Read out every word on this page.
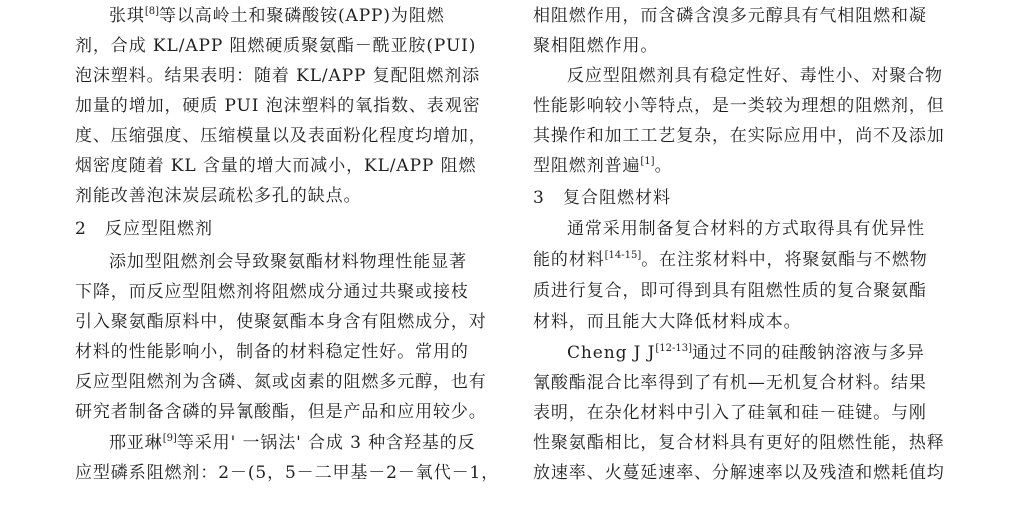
张琪[8]等以高岭土和聚磷酸铵(APP)为阻燃
剂，合成 KL/APP 阻燃硬质聚氨酯－酰亚胺(PUI)
泡沫塑料。结果表明：随着 KL/APP 复配阻燃剂添
加量的增加，硬质 PUI 泡沫塑料的氧指数、表观密
度、压缩强度、压缩模量以及表面粉化程度均增加，
烟密度随着 KL 含量的增大而减小，KL/APP 阻燃
剂能改善泡沫炭层疏松多孔的缺点。
2 反应型阻燃剂
添加型阻燃剂会导致聚氨酯材料物理性能显著
下降，而反应型阻燃剂将阻燃成分通过共聚或接枝
引入聚氨酯原料中，使聚氨酯本身含有阻燃成分，对
材料的性能影响小，制备的材料稳定性好。常用的
反应型阻燃剂为含磷、氮或卤素的阻燃多元醇，也有
研究者制备含磷的异氰酸酯，但是产品和应用较少。
邢亚琳[9]等采用' 一锅法' 合成 3 种含羟基的反
应型磷系阻燃剂：2－(5，5－二甲基－2－氧代－1，
相阻燃作用，而含磷含溴多元醇具有气相阻燃和凝
聚相阻燃作用。
反应型阻燃剂具有稳定性好、毒性小、对聚合物
性能影响较小等特点，是一类较为理想的阻燃剂，但
其操作和加工工艺复杂，在实际应用中，尚不及添加
型阻燃剂普遍[1]。
3 复合阻燃材料
通常采用制备复合材料的方式取得具有优异性
能的材料[14-15]。在注浆材料中，将聚氨酯与不燃物
质进行复合，即可得到具有阻燃性质的复合聚氨酯
材料，而且能大大降低材料成本。
Cheng J J[12-13]通过不同的硅酸钠溶液与多异
氰酸酯混合比率得到了有机—无机复合材料。结果
表明，在杂化材料中引入了硅氧和硅－硅键。与刚
性聚氨酯相比，复合材料具有更好的阻燃性能，热释
放速率、火蔓延速率、分解速率以及残渣和燃耗值均
